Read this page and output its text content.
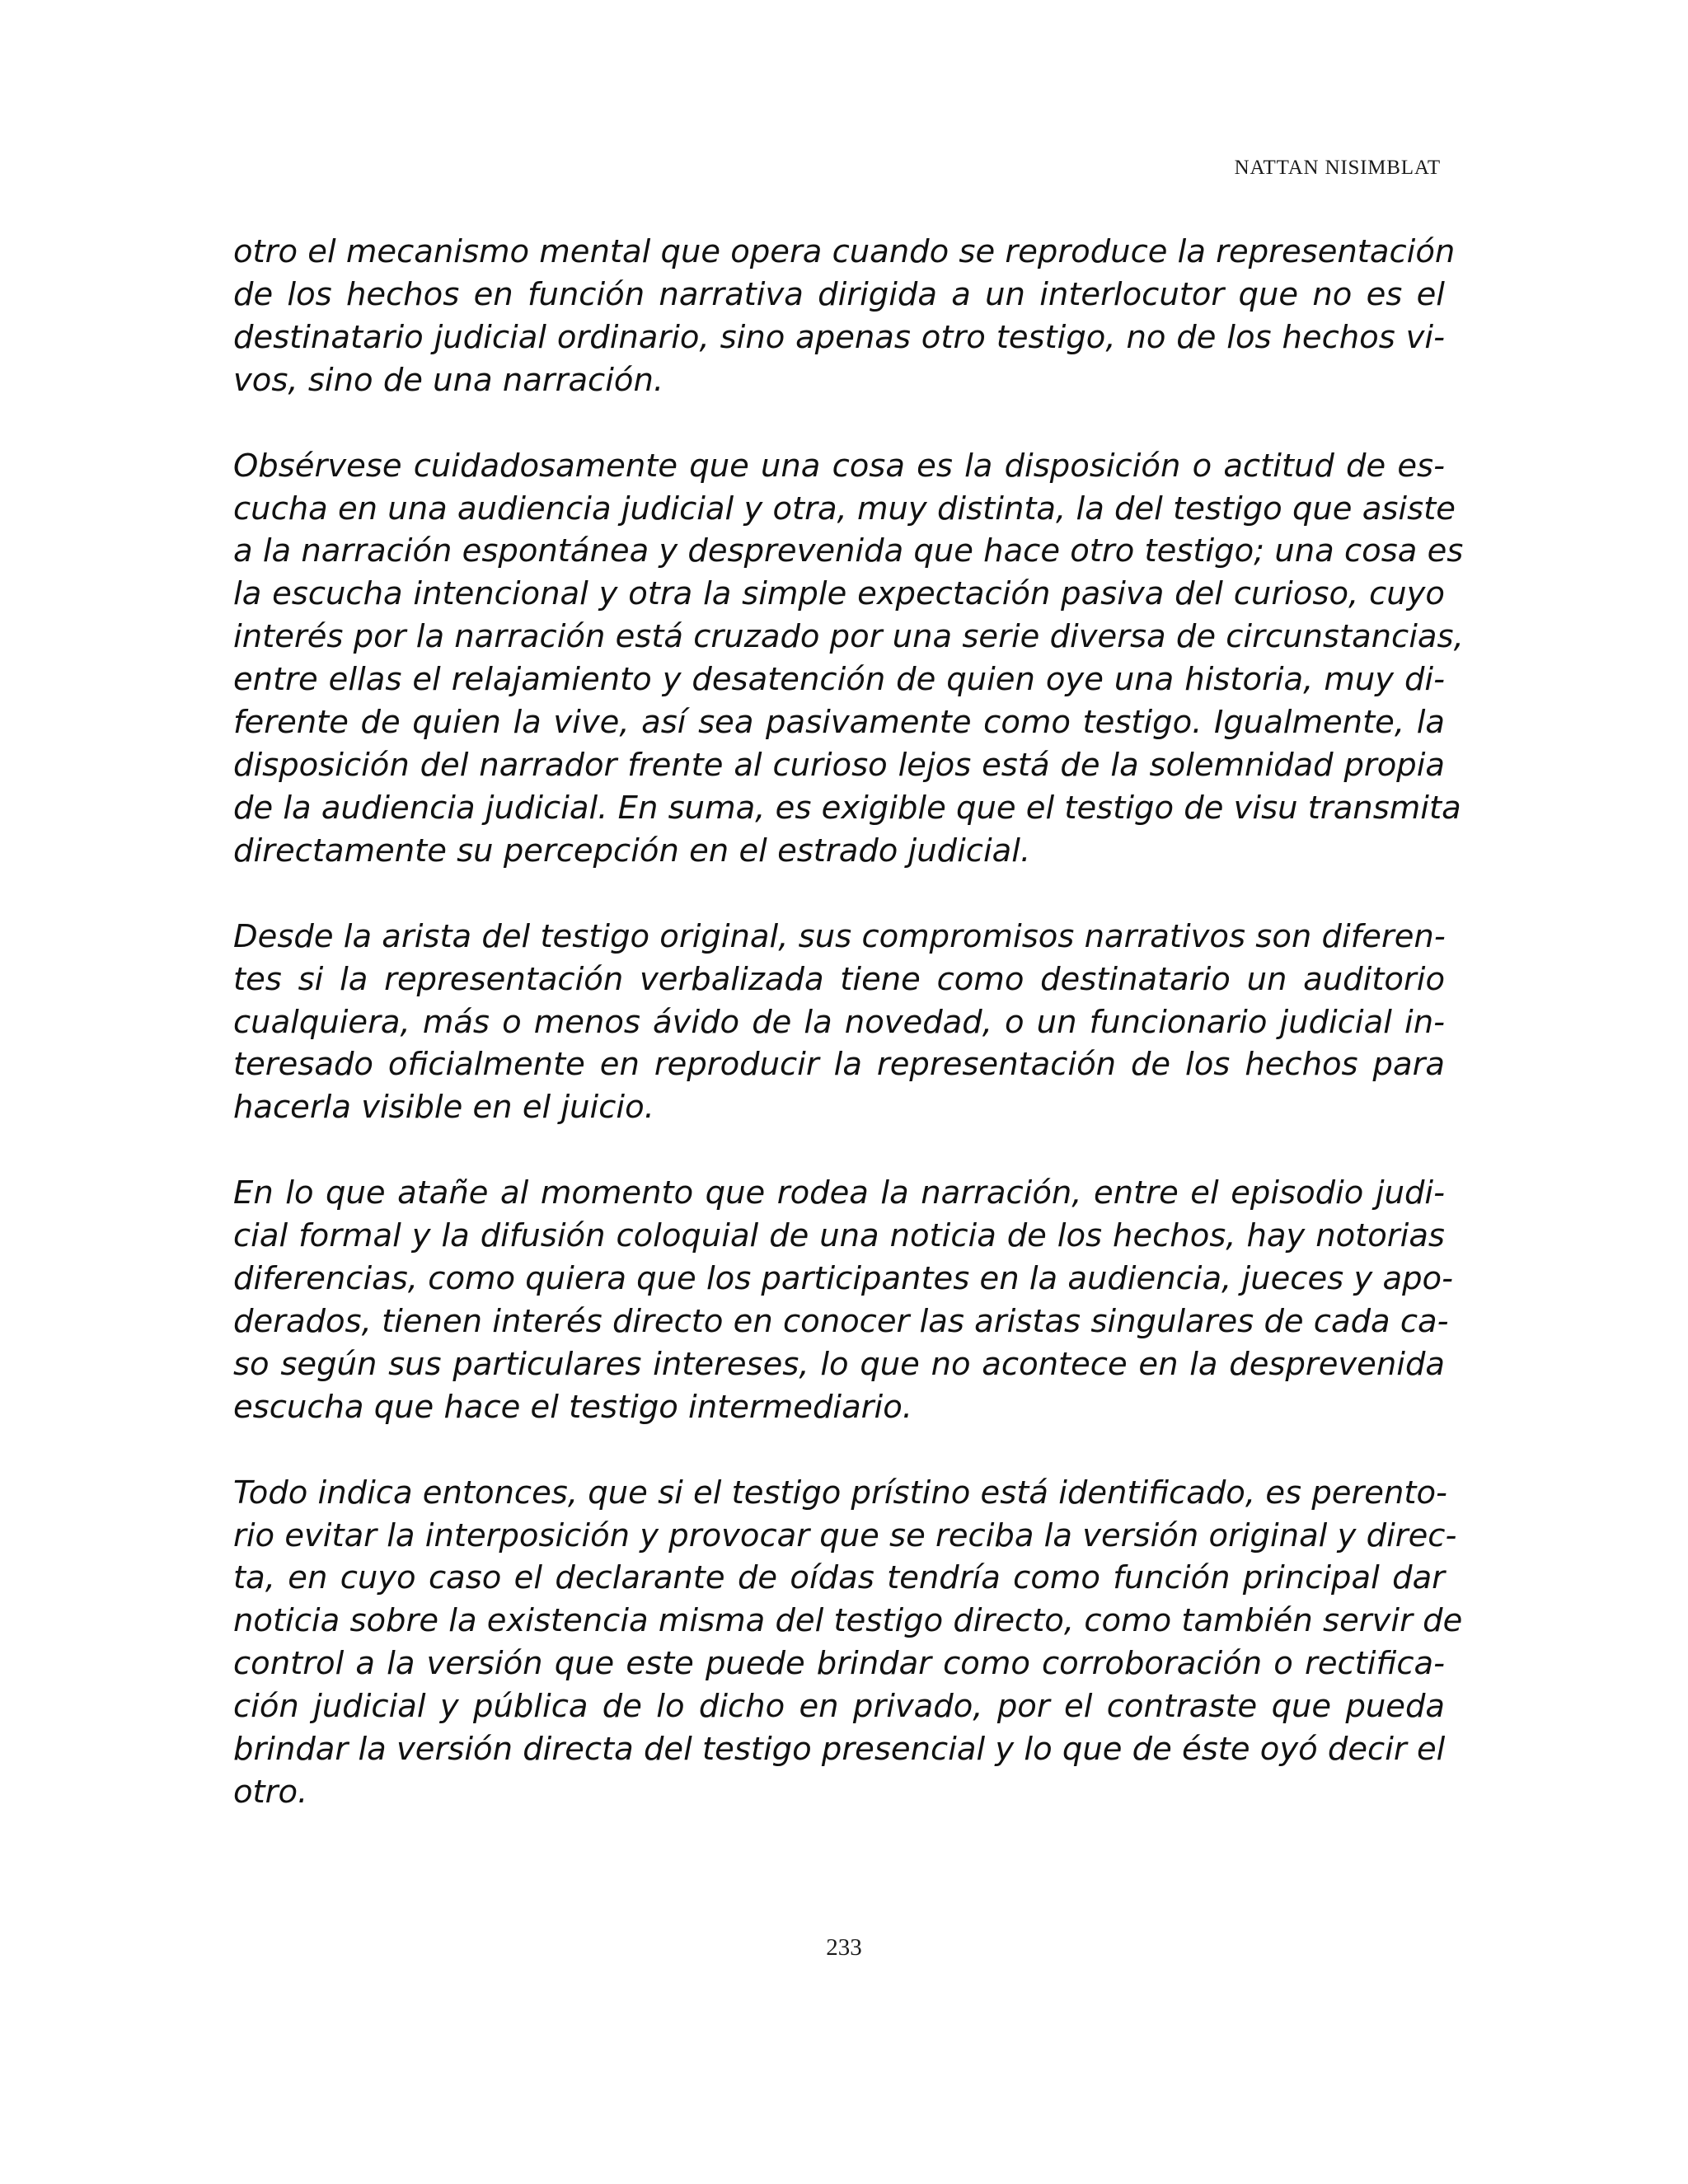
NATTAN NISIMBLAT

otro el mecanismo mental que opera cuando se reproduce la representación
de los hechos en función narrativa dirigida a un interlocutor que no es el
destinatario judicial ordinario, sino apenas otro testigo, no de los hechos vi-
vos, sino de una narración.

Obsérvese cuidadosamente que una cosa es la disposición o actitud de es-
cucha en una audiencia judicial y otra, muy distinta, la del testigo que asiste
a la narración espontánea y desprevenida que hace otro testigo; una cosa es
la escucha intencional y otra la simple expectación pasiva del curioso, cuyo
interés por la narración está cruzado por una serie diversa de circunstancias,
entre ellas el relajamiento y desatención de quien oye una historia, muy di-
ferente de quien la vive, así sea pasivamente como testigo. Igualmente, la
disposición del narrador frente al curioso lejos está de la solemnidad propia
de la audiencia judicial. En suma, es exigible que el testigo de visu transmita
directamente su percepción en el estrado judicial.

Desde la arista del testigo original, sus compromisos narrativos son diferen-
tes si la representación verbalizada tiene como destinatario un auditorio
cualquiera, más o menos ávido de la novedad, o un funcionario judicial in-
teresado oficialmente en reproducir la representación de los hechos para
hacerla visible en el juicio.

En lo que atañe al momento que rodea la narración, entre el episodio judi-
cial formal y la difusión coloquial de una noticia de los hechos, hay notorias
diferencias, como quiera que los participantes en la audiencia, jueces y apo-
derados, tienen interés directo en conocer las aristas singulares de cada ca-
so según sus particulares intereses, lo que no acontece en la desprevenida
escucha que hace el testigo intermediario.

Todo indica entonces, que si el testigo prístino está identificado, es perento-
rio evitar la interposición y provocar que se reciba la versión original y direc-
ta, en cuyo caso el declarante de oídas tendría como función principal dar
noticia sobre la existencia misma del testigo directo, como también servir de
control a la versión que este puede brindar como corroboración o rectifica-
ción judicial y pública de lo dicho en privado, por el contraste que pueda
brindar la versión directa del testigo presencial y lo que de éste oyó decir el
otro.

233
